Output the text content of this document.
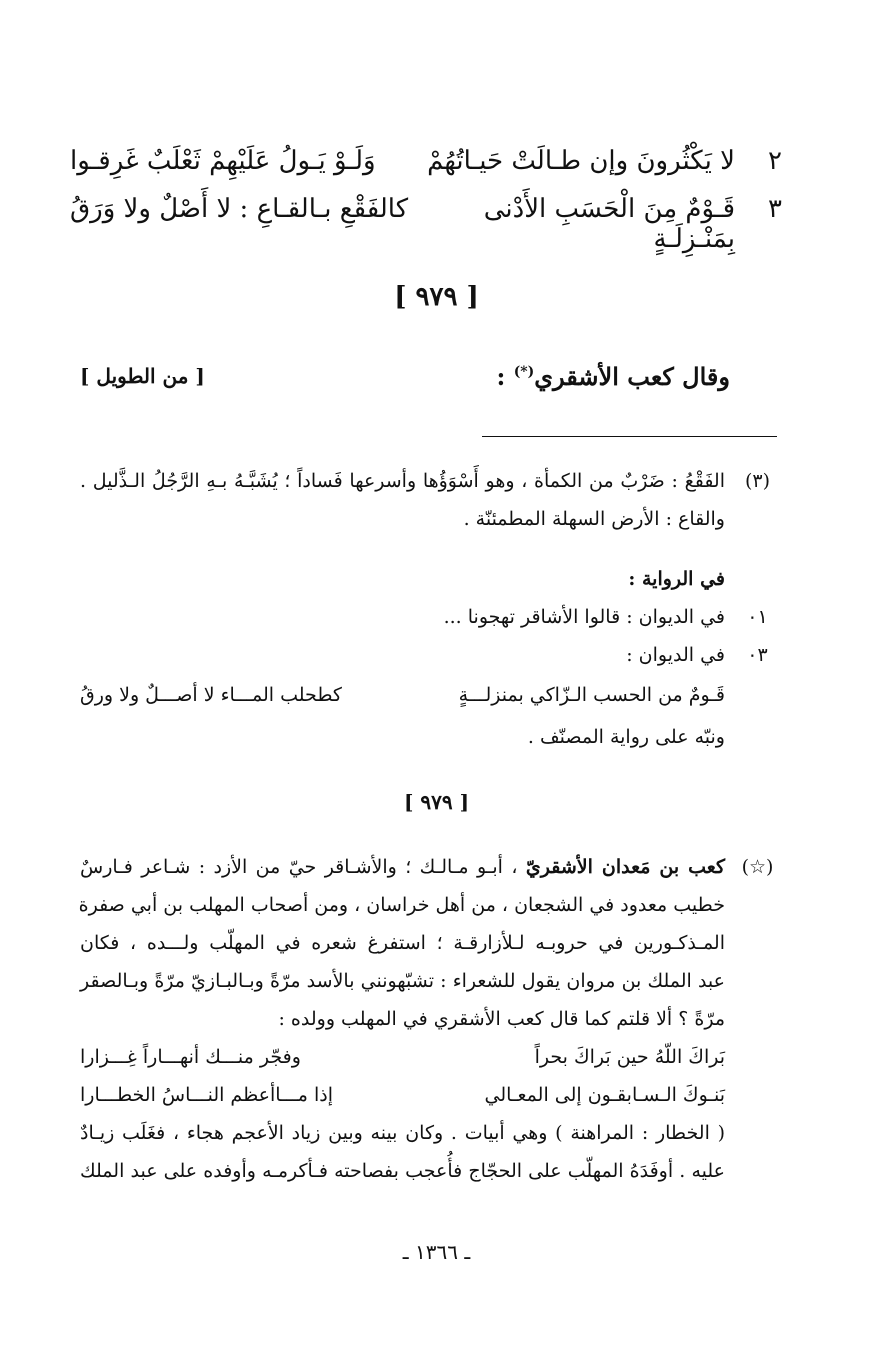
٢
لا يَكْثُرونَ وإن طـالَتْ حَيـاتُهُمْ
وَلَـوْ يَـولُ عَلَيْهِمْ ثَعْلَبٌ غَرِقـوا
٣
قَـوْمٌ مِنَ الْحَسَبِ الأَدْنى بِمَنْـزِلَـةٍ
كالفَقْعِ بـالقـاعِ : لا أَصْلٌ ولا وَرَقُ
[ ٩٧٩ ]
وقال كعب الأشقري(*) :
[ من الطويل ]
(٣)
الفَقْعُ : ضَرْبٌ من الكمأة ، وهو أَسْوَؤُها وأسرعها فَساداً ؛ يُشَبَّـهُ بـهِ الرَّجُلُ الـذَّليل .
والقاع : الأرض السهلة المطمئنّة .
في الرواية :
٠١
في الديوان : قالوا الأشاقر تهجونا ...
٠٣
في الديوان :
قَـومٌ من الحسب الـزّاكي بمنزلـــةٍ
كطحلب المـــاء لا أصـــلٌ ولا ورقُ
ونبّه على رواية المصنّف .
[ ٩٧٩ ]
(☆)
كعب بن مَعدان الأشقريّ ، أبـو مـالـك ؛ والأشـاقر حيّ من الأزد : شـاعر فـارسٌ
خطيب معدود في الشجعان ، من أهل خراسان ، ومن أصحاب المهلب بن أبي صفرة
المـذكـورين في حروبـه لـلأزارقـة ؛ استفرغ شعره في المهلّب ولـــده ، فكان
عبد الملك بن مروان يقول للشعراء : تشبّهونني بالأسد مرّةً وبـالبـازيّ مرّةً وبـالصقر
مرّةً ؟ ألا قلتم كما قال كعب الأشقري في المهلب وولده :
بَراكَ اللّهُ حين بَراكَ بحراً
وفجّر منـــك أنهـــاراً غِـــزارا
بَنـوكَ الـسـابقـون إلى المعـالي
إذا مـــاأعظم النـــاسُ الخطـــارا
( الخطار : المراهنة ) وهي أبيات . وكان بينه وبين زياد الأعجم هجاء ، فغَلَب زيـادٌ
عليه . أوفَدَهُ المهلّب على الحجّاج فأُعجب بفصاحته فـأكرمـه وأوفده على عبد الملك
ـ ١٣٦٦ ـ
